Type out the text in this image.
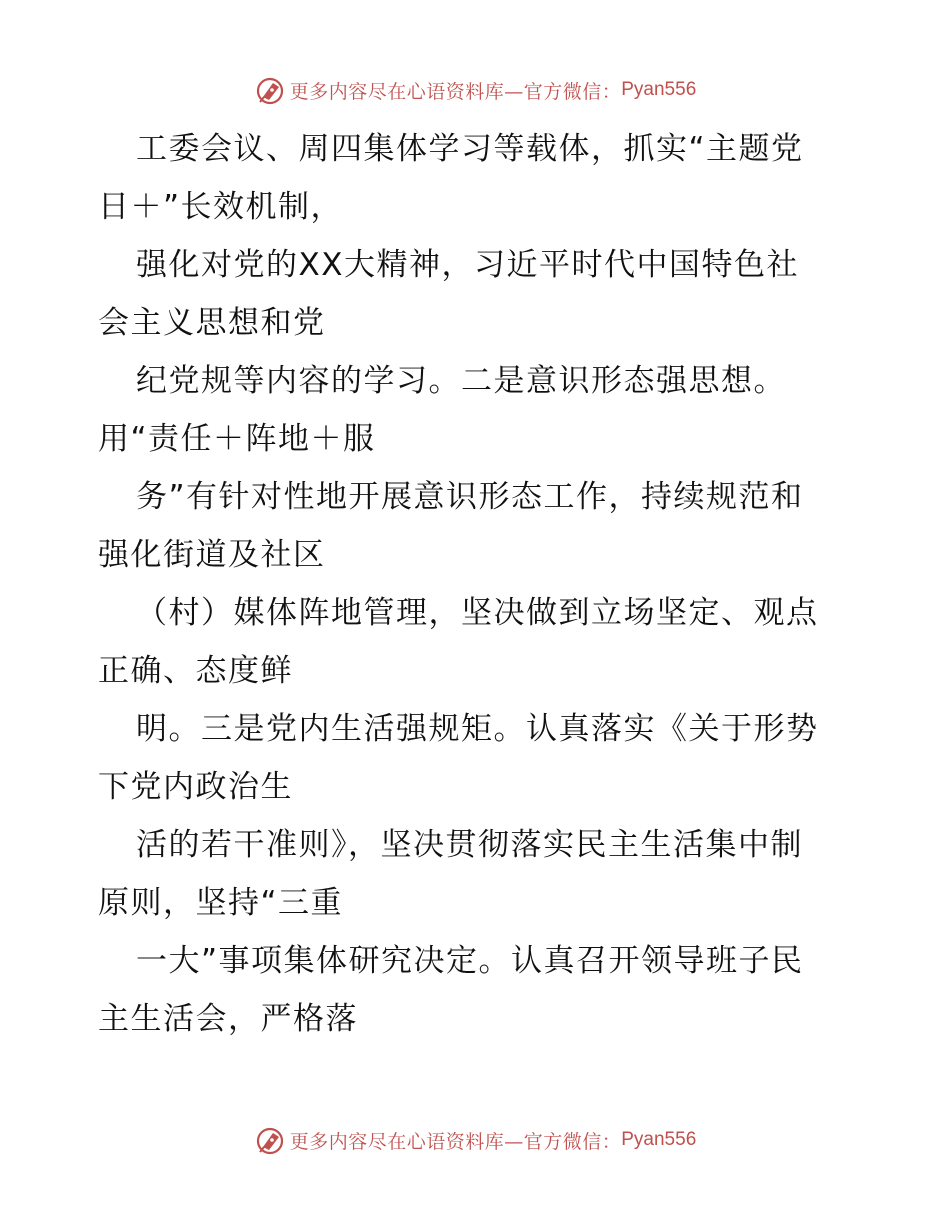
更多内容尽在心语资料库—官方微信： Pyan556
工委会议、周四集体学习等载体，抓实“主题党
日＋”长效机制，
强化对党的XX大精神，习近平时代中国特色社
会主义思想和党
纪党规等内容的学习。二是意识形态强思想。
用“责任＋阵地＋服
务”有针对性地开展意识形态工作，持续规范和
强化街道及社区
（村）媒体阵地管理，坚决做到立场坚定、观点
正确、态度鲜
明。三是党内生活强规矩。认真落实《关于形势
下党内政治生
活的若干准则》，坚决贯彻落实民主生活集中制
原则，坚持“三重
一大”事项集体研究决定。认真召开领导班子民
主生活会，严格落
更多内容尽在心语资料库—官方微信： Pyan556
